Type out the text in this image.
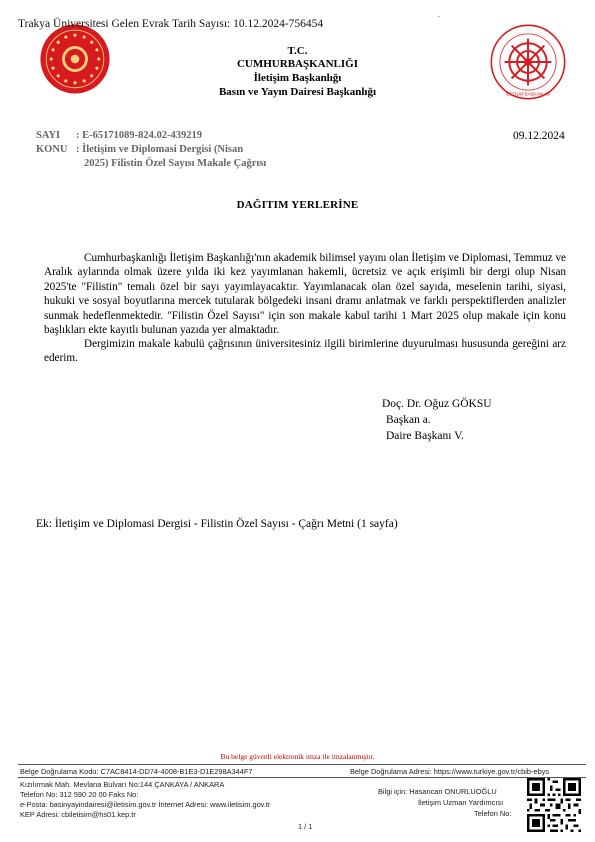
.
İLETİŞİM BAŞKANLIĞI
Trakya Üniversitesi Gelen Evrak Tarih Sayısı: 10.12.2024-756454
T.C.
CUMHURBAŞKANLIĞI
İletişim Başkanlığı
Basın ve Yayın Dairesi Başkanlığı
SAYI : E-65171089-824.02-439219
KONU : İletişim ve Diplomasi Dergisi (Nisan
2025) Filistin Özel Sayısı Makale Çağrısı
09.12.2024
DAĞITIM YERLERİNE
Cumhurbaşkanlığı İletişim Başkanlığı'nın akademik bilimsel yayını olan İletişim ve Diplomasi, Temmuz ve Aralık aylarında olmak üzere yılda iki kez yayımlanan hakemli, ücretsiz ve açık erişimli bir dergi olup Nisan 2025'te "Filistin" temalı özel bir sayı yayımlayacaktır. Yayımlanacak olan özel sayıda, meselenin tarihi, siyasi, hukuki ve sosyal boyutlarına mercek tutularak bölgedeki insani dramı anlatmak ve farklı perspektiflerden analizler sunmak hedeflenmektedir. "Filistin Özel Sayısı" için son makale kabul tarihi 1 Mart 2025 olup makale için konu başlıkları ekte kayıtlı bulunan yazıda yer almaktadır.
Dergimizin makale kabulü çağrısının üniversitesiniz ilgili birimlerine duyurulması hususunda gereğini arz ederim.
Doç. Dr. Oğuz GÖKSU
Başkan a.
Daire Başkanı V.
Ek: İletişim ve Diplomasi Dergisi - Filistin Özel Sayısı - Çağrı Metni (1 sayfa)
Bu belge güvenli elektronik imza ile imzalanmıştır.
Belge Doğrulama Kodu: C7AC8414-DD74-4008-B1E3-D1E298A344F7	Belge Doğrulama Adresi: https://www.turkiye.gov.tr/cbib-ebys
Kızılırmak Mah. Mevlana Bulvarı No:144 ÇANKAYA / ANKARA
Telefon No: 312 590 20 00 Faks No:
e-Posta: basinyayindairesi@iletisim.gov.tr İnternet Adresi: www.iletisim.gov.tr
KEP Adresi: cbiletisim@hs01.kep.tr
Bilgi için: Hasancan ONURLUOĞLU
İletişim Uzman Yardımcısı
Telefon No:
1 / 1
